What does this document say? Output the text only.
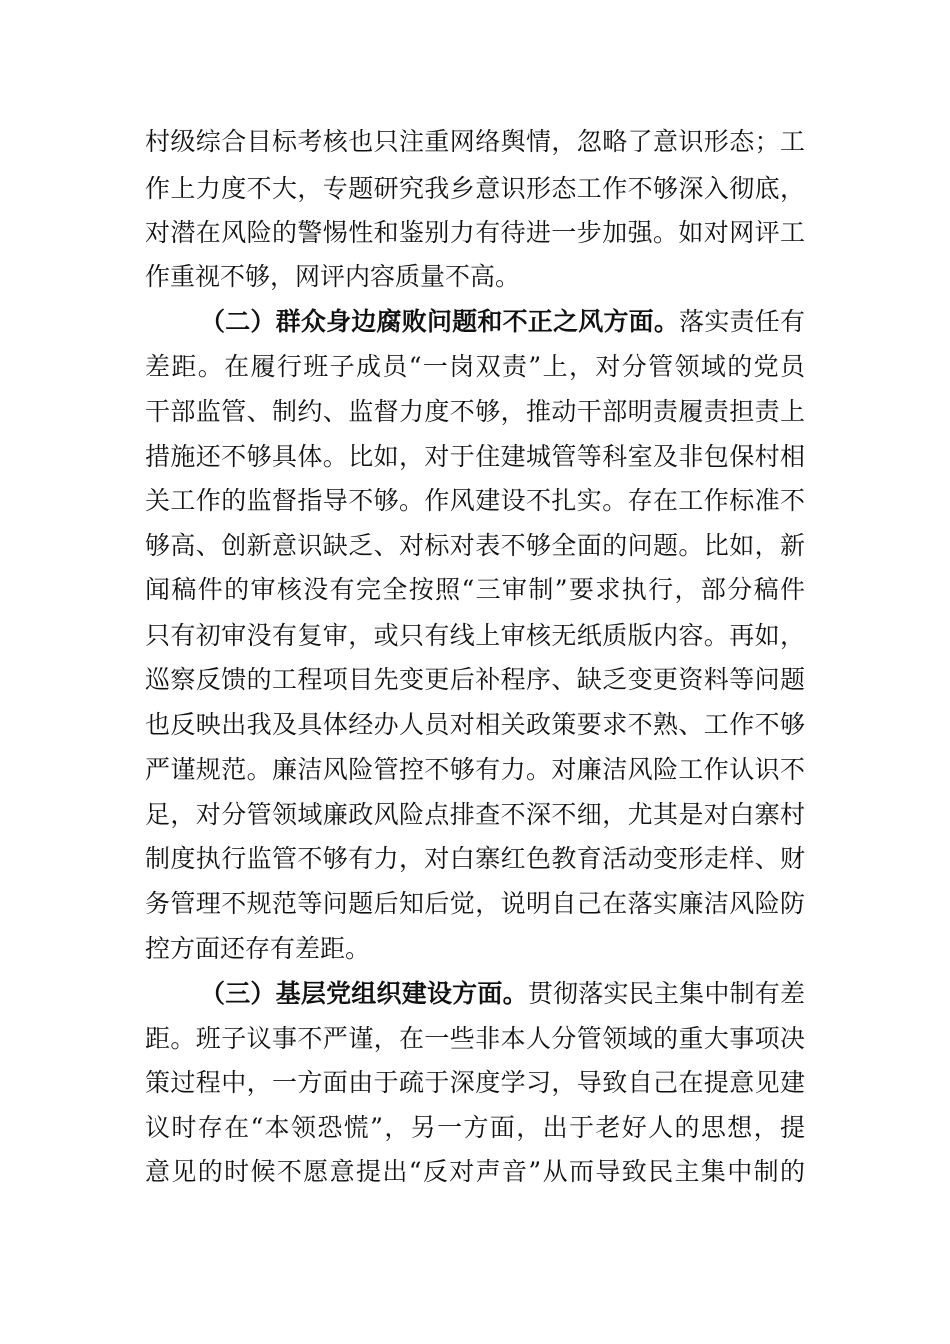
村级综合目标考核也只注重网络舆情，忽略了意识形态；工
作上力度不大，专题研究我乡意识形态工作不够深入彻底，
对潜在风险的警惕性和鉴别力有待进一步加强。如对网评工
作重视不够，网评内容质量不高。
（二）群众身边腐败问题和不正之风方面。落实责任有
差距。在履行班子成员“一岗双责”上，对分管领域的党员
干部监管、制约、监督力度不够，推动干部明责履责担责上
措施还不够具体。比如，对于住建城管等科室及非包保村相
关工作的监督指导不够。作风建设不扎实。存在工作标准不
够高、创新意识缺乏、对标对表不够全面的问题。比如，新
闻稿件的审核没有完全按照“三审制”要求执行，部分稿件
只有初审没有复审，或只有线上审核无纸质版内容。再如，
巡察反馈的工程项目先变更后补程序、缺乏变更资料等问题
也反映出我及具体经办人员对相关政策要求不熟、工作不够
严谨规范。廉洁风险管控不够有力。对廉洁风险工作认识不
足，对分管领域廉政风险点排查不深不细，尤其是对白寨村
制度执行监管不够有力，对白寨红色教育活动变形走样、财
务管理不规范等问题后知后觉，说明自己在落实廉洁风险防
控方面还存有差距。
（三）基层党组织建设方面。贯彻落实民主集中制有差
距。班子议事不严谨，在一些非本人分管领域的重大事项决
策过程中，一方面由于疏于深度学习，导致自己在提意见建
议时存在“本领恐慌”，另一方面，出于老好人的思想，提
意见的时候不愿意提出“反对声音”从而导致民主集中制的
